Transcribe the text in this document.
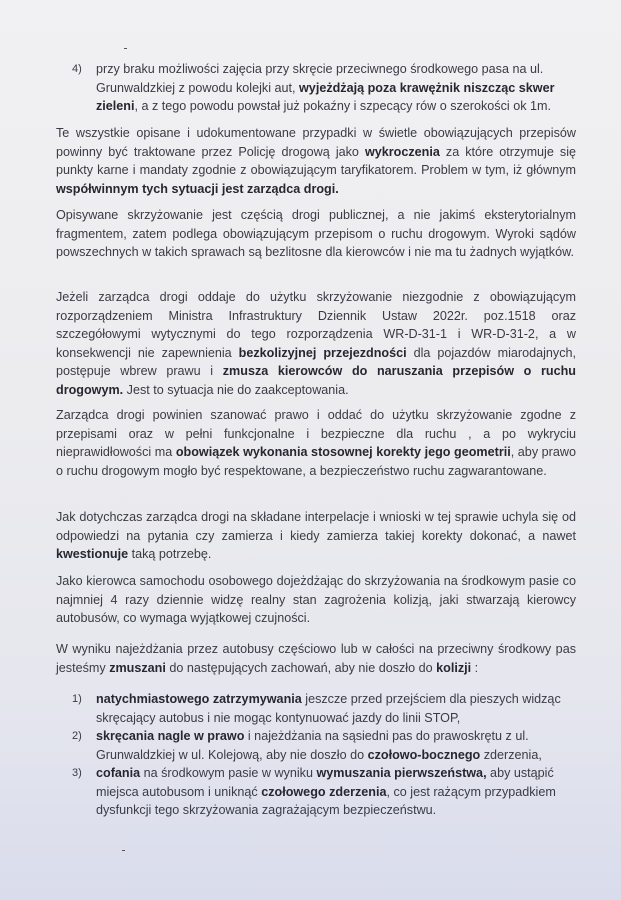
4) przy braku możliwości zajęcia przy skręcie przeciwnego środkowego pasa na ul. Grunwaldzkiej z powodu kolejki aut, wyjeżdżają poza krawężnik niszcząc skwer zieleni, a z tego powodu powstał już pokaźny i szpecący rów o szerokości ok 1m.
Te wszystkie opisane i udokumentowane przypadki w świetle obowiązujących przepisów powinny być traktowane przez Policję drogową jako wykroczenia za które otrzymuje się punkty karne i mandaty zgodnie z obowiązującym taryfikatorem. Problem w tym, iż głównym współwinnym tych sytuacji jest zarządca drogi.
Opisywane skrzyżowanie jest częścią drogi publicznej, a nie jakimś eksterytorialnym fragmentem, zatem podlega obowiązującym przepisom o ruchu drogowym. Wyroki sądów powszechnych w takich sprawach są bezlitosne dla kierowców i nie ma tu żadnych wyjątków.
Jeżeli zarządca drogi oddaje do użytku skrzyżowanie niezgodnie z obowiązującym rozporządzeniem Ministra Infrastruktury Dziennik Ustaw 2022r. poz.1518 oraz szczegółowymi wytycznymi do tego rozporządzenia WR-D-31-1 i WR-D-31-2, a w konsekwencji nie zapewnienia bezkolizyjnej przejezdności dla pojazdów miarodajnych, postępuje wbrew prawu i zmusza kierowców do naruszania przepisów o ruchu drogowym. Jest to sytuacja nie do zaakceptowania.
Zarządca drogi powinien szanować prawo i oddać do użytku skrzyżowanie zgodne z przepisami oraz w pełni funkcjonalne i bezpieczne dla ruchu , a po wykryciu nieprawidłowości ma obowiązek wykonania stosownej korekty jego geometrii, aby prawo o ruchu drogowym mogło być respektowane, a bezpieczeństwo ruchu zagwarantowane.
Jak dotychczas zarządca drogi na składane interpelacje i wnioski w tej sprawie uchyla się od odpowiedzi na pytania czy zamierza i kiedy zamierza takiej korekty dokonać, a nawet kwestionuje taką potrzebę.
Jako kierowca samochodu osobowego dojeżdżając do skrzyżowania na środkowym pasie co najmniej 4 razy dziennie widzę realny stan zagrożenia kolizją, jaki stwarzają kierowcy autobusów, co wymaga wyjątkowej czujności.
W wyniku najeżdżania przez autobusy częściowo lub w całości na przeciwny środkowy pas jesteśmy zmuszani do następujących zachowań, aby nie doszło do kolizji :
1) natychmiastowego zatrzymywania jeszcze przed przejściem dla pieszych widząc skręcający autobus i nie mogąc kontynuować jazdy do linii STOP,
2) skręcania nagle w prawo i najeżdżania na sąsiedni pas do prawoskrętu z ul. Grunwaldzkiej w ul. Kolejową, aby nie doszło do czołowo-bocznego zderzenia,
3) cofania na środkowym pasie w wyniku wymuszania pierwszeństwa, aby ustąpić miejsca autobusom i uniknąć czołowego zderzenia, co jest rażącym przypadkiem dysfunkcji tego skrzyżowania zagrażającym bezpieczeństwu.
